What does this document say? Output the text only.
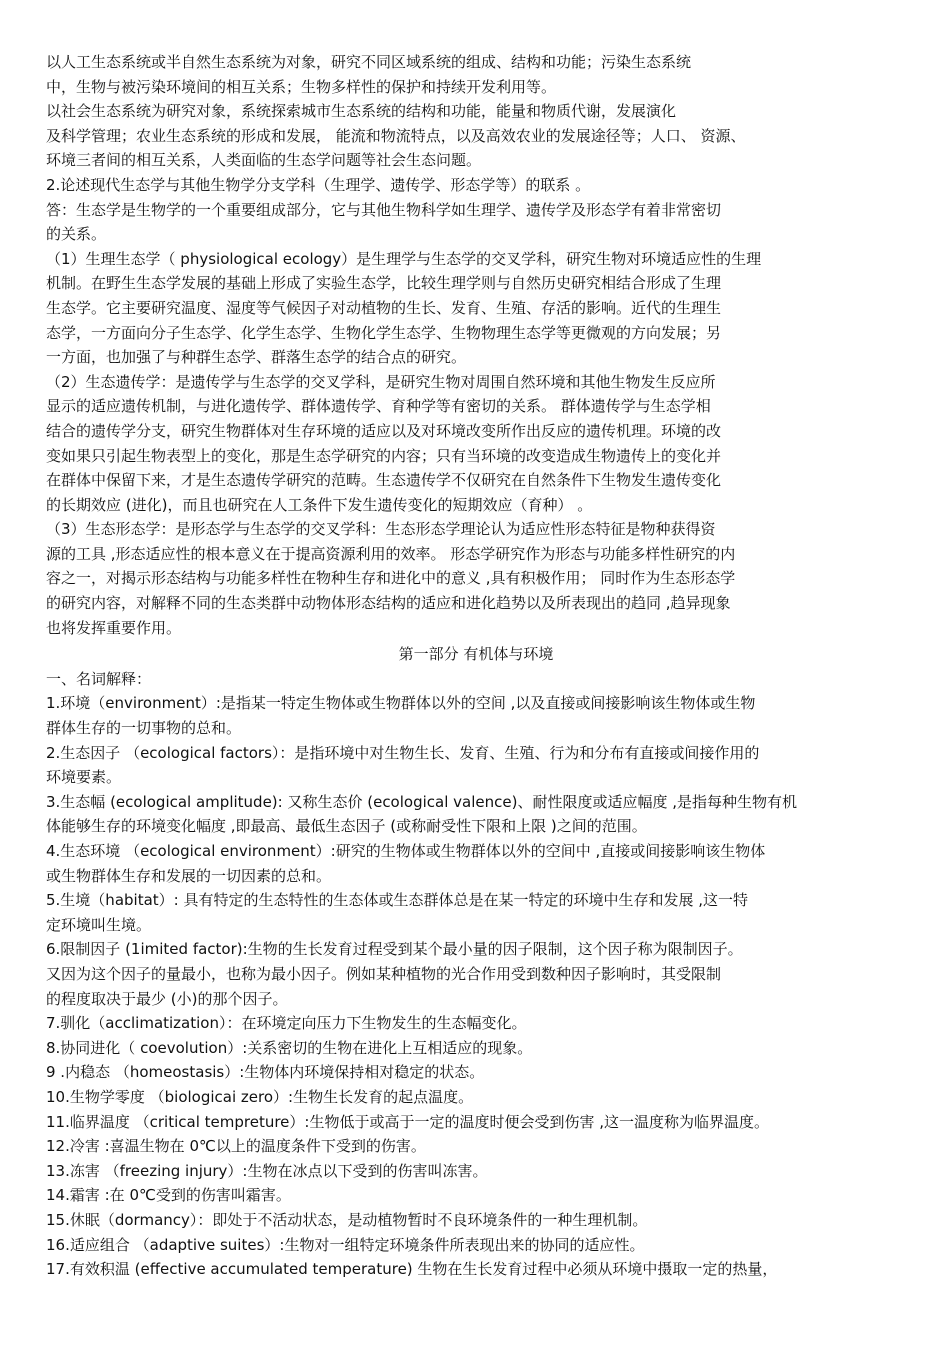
以人工生态系统或半自然生态系统为对象，研究不同区域系统的组成、结构和功能；污染生态系统
中，生物与被污染环境间的相互关系；生物多样性的保护和持续开发利用等。
以社会生态系统为研究对象，系统探索城市生态系统的结构和功能，能量和物质代谢，发展演化
及科学管理；农业生态系统的形成和发展， 能流和物流特点，以及高效农业的发展途径等；人口、 资源、
环境三者间的相互关系，人类面临的生态学问题等社会生态问题。
2.论述现代生态学与其他生物学分支学科（生理学、遗传学、形态学等）的联系 。
答：生态学是生物学的一个重要组成部分，它与其他生物科学如生理学、遗传学及形态学有着非常密切
的关系。
（1）生理生态学（ physiological ecology）是生理学与生态学的交叉学科，研究生物对环境适应性的生理
机制。在野生生态学发展的基础上形成了实验生态学，比较生理学则与自然历史研究相结合形成了生理
生态学。它主要研究温度、湿度等气候因子对动植物的生长、发育、生殖、存活的影响。近代的生理生
态学，一方面向分子生态学、化学生态学、生物化学生态学、生物物理生态学等更微观的方向发展；另
一方面，也加强了与种群生态学、群落生态学的结合点的研究。
（2）生态遗传学：是遗传学与生态学的交叉学科，是研究生物对周围自然环境和其他生物发生反应所
显示的适应遗传机制，与进化遗传学、群体遗传学、育种学等有密切的关系。 群体遗传学与生态学相
结合的遗传学分支，研究生物群体对生存环境的适应以及对环境改变所作出反应的遗传机理。环境的改
变如果只引起生物表型上的变化，那是生态学研究的内容；只有当环境的改变造成生物遗传上的变化并
在群体中保留下来，才是生态遗传学研究的范畴。生态遗传学不仅研究在自然条件下生物发生遗传变化
的长期效应 (进化)，而且也研究在人工条件下发生遗传变化的短期效应（育种） 。
（3）生态形态学：是形态学与生态学的交叉学科：生态形态学理论认为适应性形态特征是物种获得资
源的工具 ,形态适应性的根本意义在于提高资源利用的效率。 形态学研究作为形态与功能多样性研究的内
容之一，对揭示形态结构与功能多样性在物种生存和进化中的意义 ,具有积极作用； 同时作为生态形态学
的研究内容，对解释不同的生态类群中动物体形态结构的适应和进化趋势以及所表现出的趋同 ,趋异现象
也将发挥重要作用。
第一部分 有机体与环境
一、名词解释：
1.环境（environment）:是指某一特定生物体或生物群体以外的空间 ,以及直接或间接影响该生物体或生物
群体生存的一切事物的总和。
2.生态因子 （ecological factors）：是指环境中对生物生长、发育、生殖、行为和分布有直接或间接作用的
环境要素。
3.生态幅 (ecological amplitude): 又称生态价 (ecological valence)、耐性限度或适应幅度 ,是指每种生物有机
体能够生存的环境变化幅度 ,即最高、最低生态因子 (或称耐受性下限和上限 )之间的范围。
4.生态环境 （ecological environment）:研究的生物体或生物群体以外的空间中 ,直接或间接影响该生物体
或生物群体生存和发展的一切因素的总和。
5.生境（habitat）: 具有特定的生态特性的生态体或生态群体总是在某一特定的环境中生存和发展 ,这一特
定环境叫生境。
6.限制因子 (1imited factor):生物的生长发育过程受到某个最小量的因子限制，这个因子称为限制因子。
又因为这个因子的量最小，也称为最小因子。例如某种植物的光合作用受到数种因子影响时，其受限制
的程度取决于最少 (小)的那个因子。
7.驯化（acclimatization）：在环境定向压力下生物发生的生态幅变化。
8.协同进化（ coevolution）:关系密切的生物在进化上互相适应的现象。
9 .内稳态 （homeostasis）:生物体内环境保持相对稳定的状态。
10.生物学零度 （biologicai zero）:生物生长发育的起点温度。
11.临界温度 （critical tempreture）:生物低于或高于一定的温度时便会受到伤害 ,这一温度称为临界温度。
12.冷害 :喜温生物在 0℃以上的温度条件下受到的伤害。
13.冻害 （freezing injury）:生物在冰点以下受到的伤害叫冻害。
14.霜害 :在 0℃受到的伤害叫霜害。
15.休眠（dormancy）：即处于不活动状态，是动植物暂时不良环境条件的一种生理机制。
16.适应组合 （adaptive suites）:生物对一组特定环境条件所表现出来的协同的适应性。
17.有效积温 (effective accumulated temperature) 生物在生长发育过程中必须从环境中摄取一定的热量，
